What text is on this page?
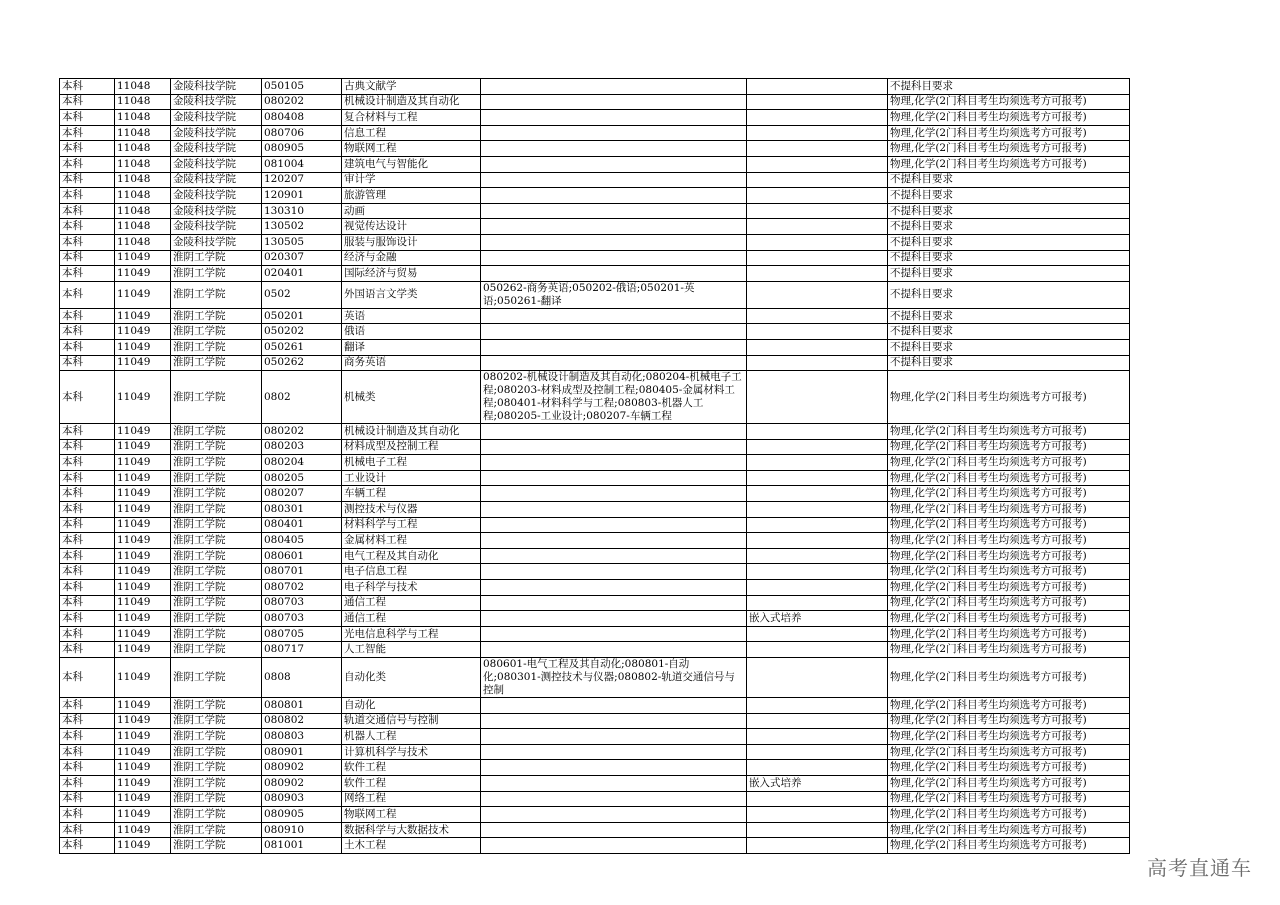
本科	11048	金陵科技学院	050105	古典文献学			不提科目要求
本科	11048	金陵科技学院	080202	机械设计制造及其自动化			物理,化学(2门科目考生均须选考方可报考)
本科	11048	金陵科技学院	080408	复合材料与工程			物理,化学(2门科目考生均须选考方可报考)
本科	11048	金陵科技学院	080706	信息工程			物理,化学(2门科目考生均须选考方可报考)
本科	11048	金陵科技学院	080905	物联网工程			物理,化学(2门科目考生均须选考方可报考)
本科	11048	金陵科技学院	081004	建筑电气与智能化			物理,化学(2门科目考生均须选考方可报考)
本科	11048	金陵科技学院	120207	审计学			不提科目要求
本科	11048	金陵科技学院	120901	旅游管理			不提科目要求
本科	11048	金陵科技学院	130310	动画			不提科目要求
本科	11048	金陵科技学院	130502	视觉传达设计			不提科目要求
本科	11048	金陵科技学院	130505	服装与服饰设计			不提科目要求
本科	11049	淮阴工学院	020307	经济与金融			不提科目要求
本科	11049	淮阴工学院	020401	国际经济与贸易			不提科目要求
本科	11049	淮阴工学院	0502	外国语言文学类	050262-商务英语;050202-俄语;050201-英语;050261-翻译		不提科目要求
本科	11049	淮阴工学院	050201	英语			不提科目要求
本科	11049	淮阴工学院	050202	俄语			不提科目要求
本科	11049	淮阴工学院	050261	翻译			不提科目要求
本科	11049	淮阴工学院	050262	商务英语			不提科目要求
本科	11049	淮阴工学院	0802	机械类	080202-机械设计制造及其自动化;080204-机械电子工程;080203-材料成型及控制工程;080405-金属材料工程;080401-材料科学与工程;080803-机器人工程;080205-工业设计;080207-车辆工程		物理,化学(2门科目考生均须选考方可报考)
本科	11049	淮阴工学院	080202	机械设计制造及其自动化			物理,化学(2门科目考生均须选考方可报考)
本科	11049	淮阴工学院	080203	材料成型及控制工程			物理,化学(2门科目考生均须选考方可报考)
本科	11049	淮阴工学院	080204	机械电子工程			物理,化学(2门科目考生均须选考方可报考)
本科	11049	淮阴工学院	080205	工业设计			物理,化学(2门科目考生均须选考方可报考)
本科	11049	淮阴工学院	080207	车辆工程			物理,化学(2门科目考生均须选考方可报考)
本科	11049	淮阴工学院	080301	测控技术与仪器			物理,化学(2门科目考生均须选考方可报考)
本科	11049	淮阴工学院	080401	材料科学与工程			物理,化学(2门科目考生均须选考方可报考)
本科	11049	淮阴工学院	080405	金属材料工程			物理,化学(2门科目考生均须选考方可报考)
本科	11049	淮阴工学院	080601	电气工程及其自动化			物理,化学(2门科目考生均须选考方可报考)
本科	11049	淮阴工学院	080701	电子信息工程			物理,化学(2门科目考生均须选考方可报考)
本科	11049	淮阴工学院	080702	电子科学与技术			物理,化学(2门科目考生均须选考方可报考)
本科	11049	淮阴工学院	080703	通信工程			物理,化学(2门科目考生均须选考方可报考)
本科	11049	淮阴工学院	080703	通信工程		嵌入式培养	物理,化学(2门科目考生均须选考方可报考)
本科	11049	淮阴工学院	080705	光电信息科学与工程			物理,化学(2门科目考生均须选考方可报考)
本科	11049	淮阴工学院	080717	人工智能			物理,化学(2门科目考生均须选考方可报考)
本科	11049	淮阴工学院	0808	自动化类	080601-电气工程及其自动化;080801-自动化;080301-测控技术与仪器;080802-轨道交通信号与控制		物理,化学(2门科目考生均须选考方可报考)
本科	11049	淮阴工学院	080801	自动化			物理,化学(2门科目考生均须选考方可报考)
本科	11049	淮阴工学院	080802	轨道交通信号与控制			物理,化学(2门科目考生均须选考方可报考)
本科	11049	淮阴工学院	080803	机器人工程			物理,化学(2门科目考生均须选考方可报考)
本科	11049	淮阴工学院	080901	计算机科学与技术			物理,化学(2门科目考生均须选考方可报考)
本科	11049	淮阴工学院	080902	软件工程			物理,化学(2门科目考生均须选考方可报考)
本科	11049	淮阴工学院	080902	软件工程		嵌入式培养	物理,化学(2门科目考生均须选考方可报考)
本科	11049	淮阴工学院	080903	网络工程			物理,化学(2门科目考生均须选考方可报考)
本科	11049	淮阴工学院	080905	物联网工程			物理,化学(2门科目考生均须选考方可报考)
本科	11049	淮阴工学院	080910	数据科学与大数据技术			物理,化学(2门科目考生均须选考方可报考)
本科	11049	淮阴工学院	081001	土木工程			物理,化学(2门科目考生均须选考方可报考)
高考直通车
